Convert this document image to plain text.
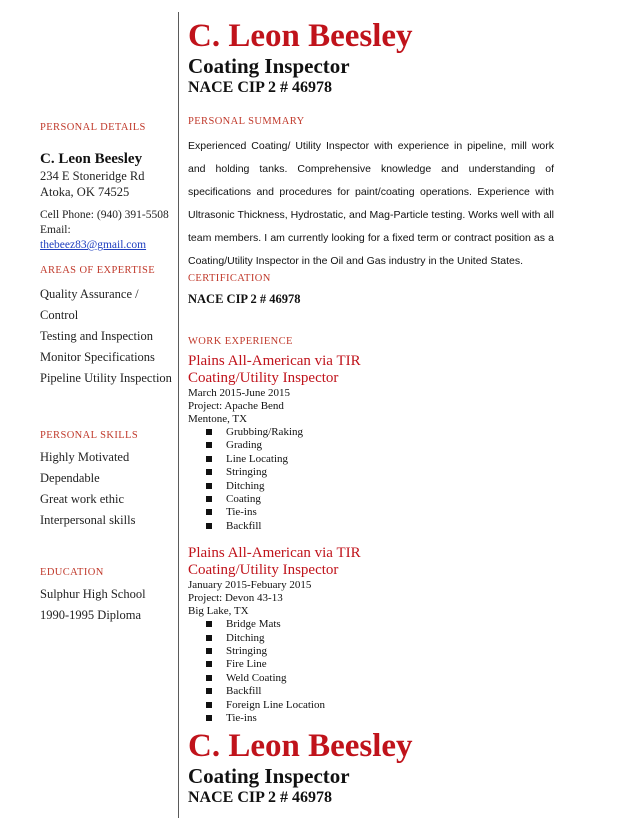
PERSONAL DETAILS
C. Leon Beesley
234 E Stoneridge Rd
Atoka, OK 74525
Cell Phone: (940) 391-5508
Email: thebeez83@gmail.com
AREAS OF EXPERTISE
Quality Assurance /
Control
Testing and Inspection
Monitor Specifications
Pipeline Utility Inspection
PERSONAL SKILLS
Highly Motivated
Dependable
Great work ethic
Interpersonal skills
EDUCATION
Sulphur High School
1990-1995 Diploma
C. Leon Beesley
Coating Inspector
NACE CIP 2 # 46978
PERSONAL SUMMARY
Experienced Coating/ Utility Inspector with experience in pipeline, mill work and holding tanks. Comprehensive knowledge and understanding of specifications and procedures for paint/coating operations. Experience with Ultrasonic Thickness, Hydrostatic, and Mag-Particle testing. Works well with all team members. I am currently looking for a fixed term or contract position as a Coating/Utility Inspector in the Oil and Gas industry in the United States.
CERTIFICATION
NACE CIP 2 # 46978
WORK EXPERIENCE
Plains All-American via TIR
Coating/Utility Inspector
March 2015-June 2015
Project: Apache Bend
Mentone, TX
Grubbing/Raking
Grading
Line Locating
Stringing
Ditching
Coating
Tie-ins
Backfill
Plains All-American via TIR
Coating/Utility Inspector
January 2015-Febuary 2015
Project: Devon 43-13
Big Lake, TX
Bridge Mats
Ditching
Stringing
Fire Line
Weld Coating
Backfill
Foreign Line Location
Tie-ins
C. Leon Beesley
Coating Inspector
NACE CIP 2 # 46978
